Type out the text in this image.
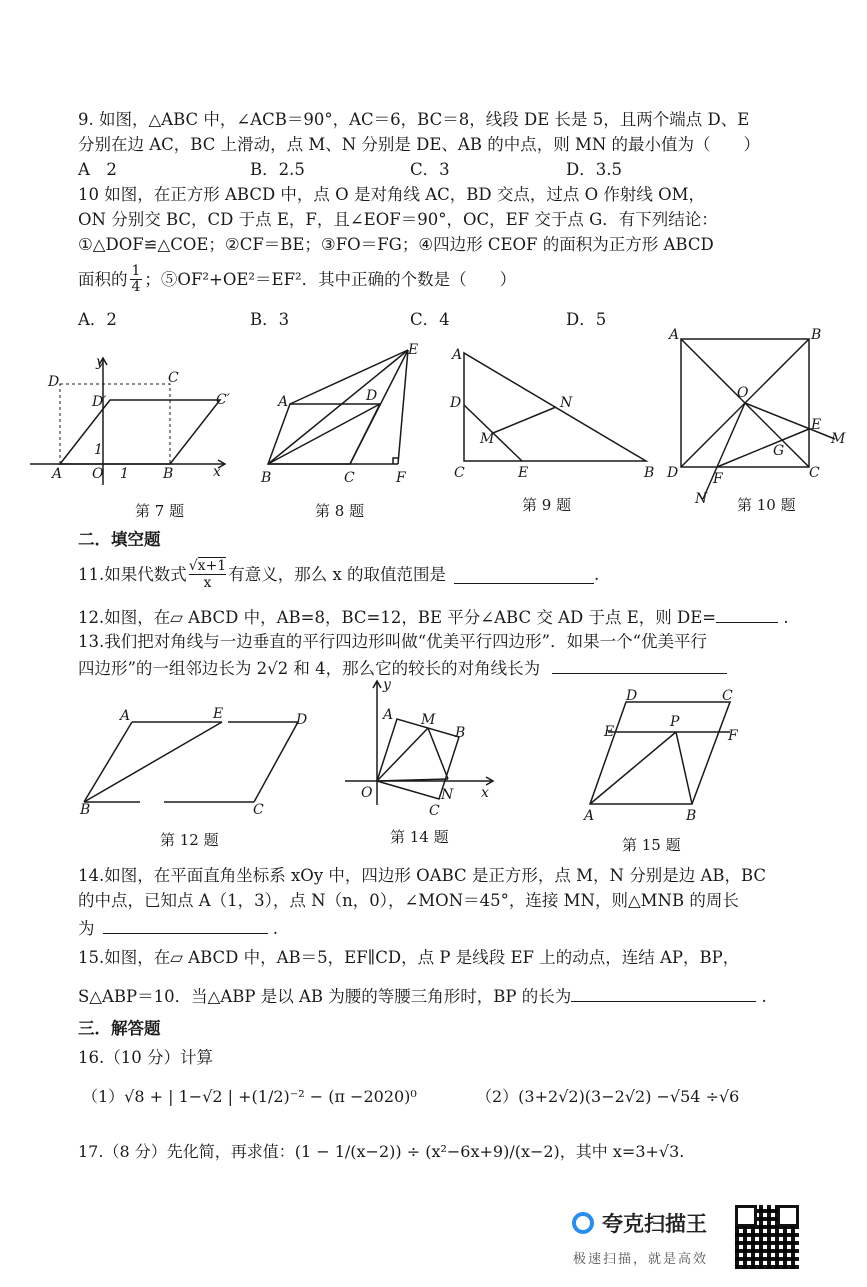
9. 如图，△ABC 中，∠ACB＝90°，AC＝6，BC＝8，线段 DE 长是 5，且两个端点 D、E
分别在边 AC，BC 上滑动，点 M、N 分别是 DE、AB 的中点，则 MN 的最小值为（　　）
A　2	B．2.5	C．3	D．3.5
10 如图，在正方形 ABCD 中，点 O 是对角线 AC，BD 交点，过点 O 作射线 OM，
ON 分别交 BC，CD 于点 E，F，且∠EOF＝90°，OC，EF 交于点 G．有下列结论：
①△DOF≌△COE；②CF＝BE；③FO＝FG；④四边形 CEOF 的面积为正方形 ABCD
面积的 $\frac{1}{4}$ ；⑤OF²+OE²＝EF²．其中正确的个数是（　　）
A．2	B．3	C．4	D．5
D	C
D′	C′
A O 1 B	x
y
1
第 7 题
A	D
E
B	C	F
第 8 题
A
D	N
M
C	E	B
第 9 题
A	B
O
E
M
G
D F	C
N 第 10 题
二．填空题
11.如果代数式 $\frac{√x+1}{x}$ 有意义，那么 x 的取值范围是	.
12.如图，在▱ ABCD 中，AB=8，BC=12，BE 平分∠ABC 交 AD 于点 E，则 DE=	.
13.我们把对角线与一边垂直的平行四边形叫做“优美平行四边形”．如果一个“优美平行
四边形”的一组邻边长为 2√2 和 4，那么它的较长的对角线长为
A	E	D
B	C
第 12 题
y
A M
B
O	N
C
x
第 14 题
D	C
E
P
F
A	B
第 15 题
14.如图，在平面直角坐标系 xOy 中，四边形 OABC 是正方形，点 M，N 分别是边 AB，BC
的中点，已知点 A（1，3），点 N（n，0），∠MON＝45°，连接 MN，则△MNB 的周长
为	.
15.如图，在▱ ABCD 中，AB＝5，EF∥CD，点 P 是线段 EF 上的动点，连结 AP，BP，
S△ABP＝10．当△ABP 是以 AB 为腰的等腰三角形时，BP 的长为	.
三．解答题
16.（10 分）计算
（1）√8 + | 1−√2 | +(1/2)⁻² − (π −2020)⁰	（2）(3+2√2)(3−2√2) −√54 ÷√6
17.（8 分）先化简，再求值：(1 − 1/(x−2)) ÷ (x²−6x+9)/(x−2)，其中 x=3+√3.
夸克扫描王
极速扫描，就是高效
